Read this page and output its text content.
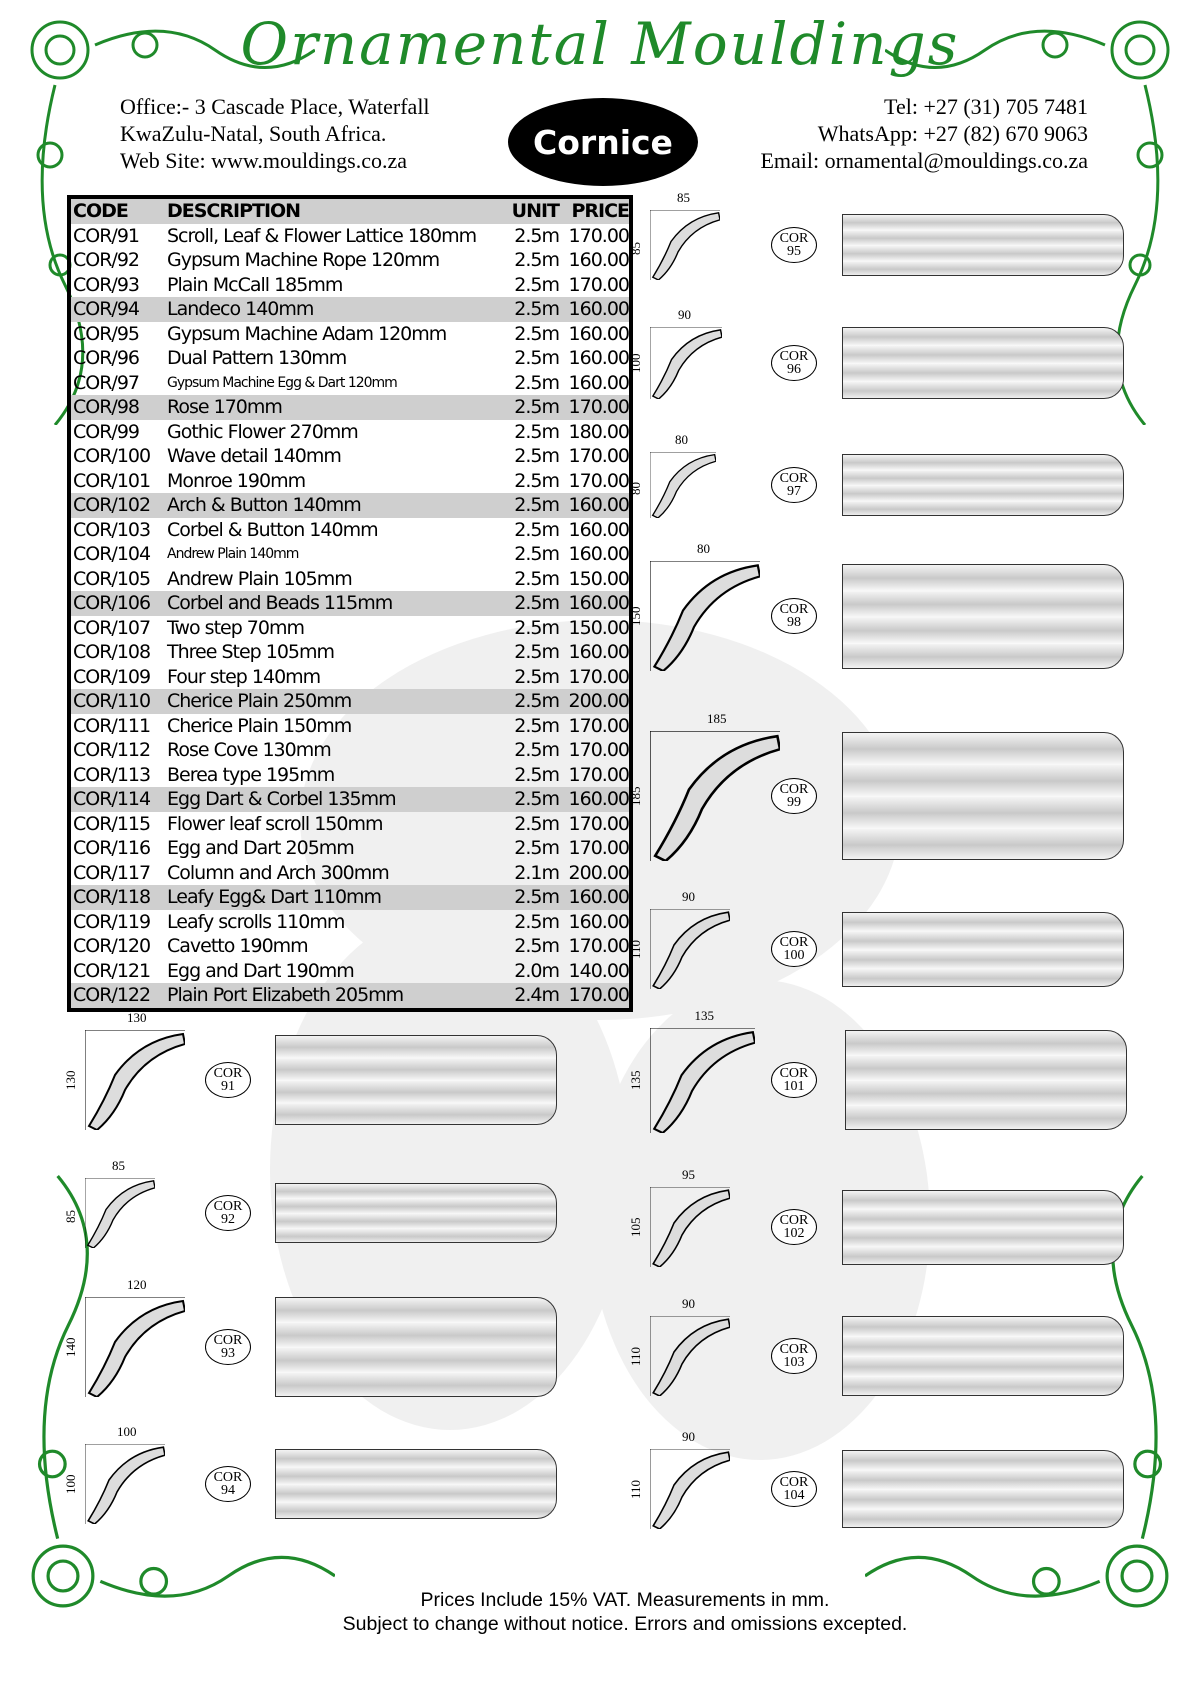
Ornamental Mouldings
Office:- 3 Cascade Place, Waterfall
KwaZulu-Natal, South Africa.
Web Site: www.mouldings.co.za	Cornice
Tel: +27 (31) 705 7481
WhatsApp: +27 (82) 670 9063
Email: ornamental@mouldings.co.za
CODE DESCRIPTION	UNIT PRICE
COR/91 Scroll, Leaf & Flower Lattice 180mm 2.5m 170.00
COR/92 Gypsum Machine Rope 120mm	2.5m 160.00
COR/93 Plain McCall 185mm	2.5m 170.00
COR/94 Landeco 140mm	2.5m 160.00
COR/95 Gypsum Machine Adam 120mm	2.5m 160.00
COR/96 Dual Pattern 130mm	2.5m 160.00
COR/97 Gypsum Machine Egg & Dart 120mm	2.5m 160.00
COR/98 Rose 170mm	2.5m 170.00
COR/99 Gothic Flower 270mm	2.5m 180.00
COR/100 Wave detail 140mm	2.5m 170.00
COR/101 Monroe 190mm	2.5m 170.00
COR/102 Arch & Button 140mm	2.5m 160.00
COR/103 Corbel & Button 140mm	2.5m 160.00
COR/104 Andrew Plain 140mm	2.5m 160.00
COR/105 Andrew Plain 105mm	2.5m 150.00
COR/106 Corbel and Beads 115mm	2.5m 160.00
COR/107 Two step 70mm	2.5m 150.00
COR/108 Three Step 105mm	2.5m 160.00
COR/109 Four step 140mm	2.5m 170.00
COR/110 Cherice Plain 250mm	2.5m 200.00
COR/111 Cherice Plain 150mm	2.5m 170.00
COR/112 Rose Cove 130mm	2.5m 170.00
COR/113 Berea type 195mm	2.5m 170.00
COR/114 Egg Dart & Corbel 135mm	2.5m 160.00
COR/115 Flower leaf scroll 150mm	2.5m 170.00
COR/116 Egg and Dart 205mm	2.5m 170.00
COR/117 Column and Arch 300mm	2.1m 200.00
COR/118 Leafy Egg& Dart 110mm	2.5m 160.00
COR/119 Leafy scrolls 110mm	2.5m 160.00
COR/120 Cavetto 190mm	2.5m 170.00
COR/121 Egg and Dart 190mm	2.0m 140.00
COR/122 Plain Port Elizabeth 205mm	2.4m 170.00
85
85
COR
95
90
100	COR
96
80
80
COR
97
80
150	COR
98
185
185	COR
99
90
110	COR
100
130
130	COR
91
85
85
COR
92
120
140	COR
93
100
100	COR
94
135
135	COR
101
95
105	COR
102
90
110	COR
103
90
110	COR
104
Prices Include 15% VAT. Measurements in mm.
Subject to change without notice. Errors and omissions excepted.
